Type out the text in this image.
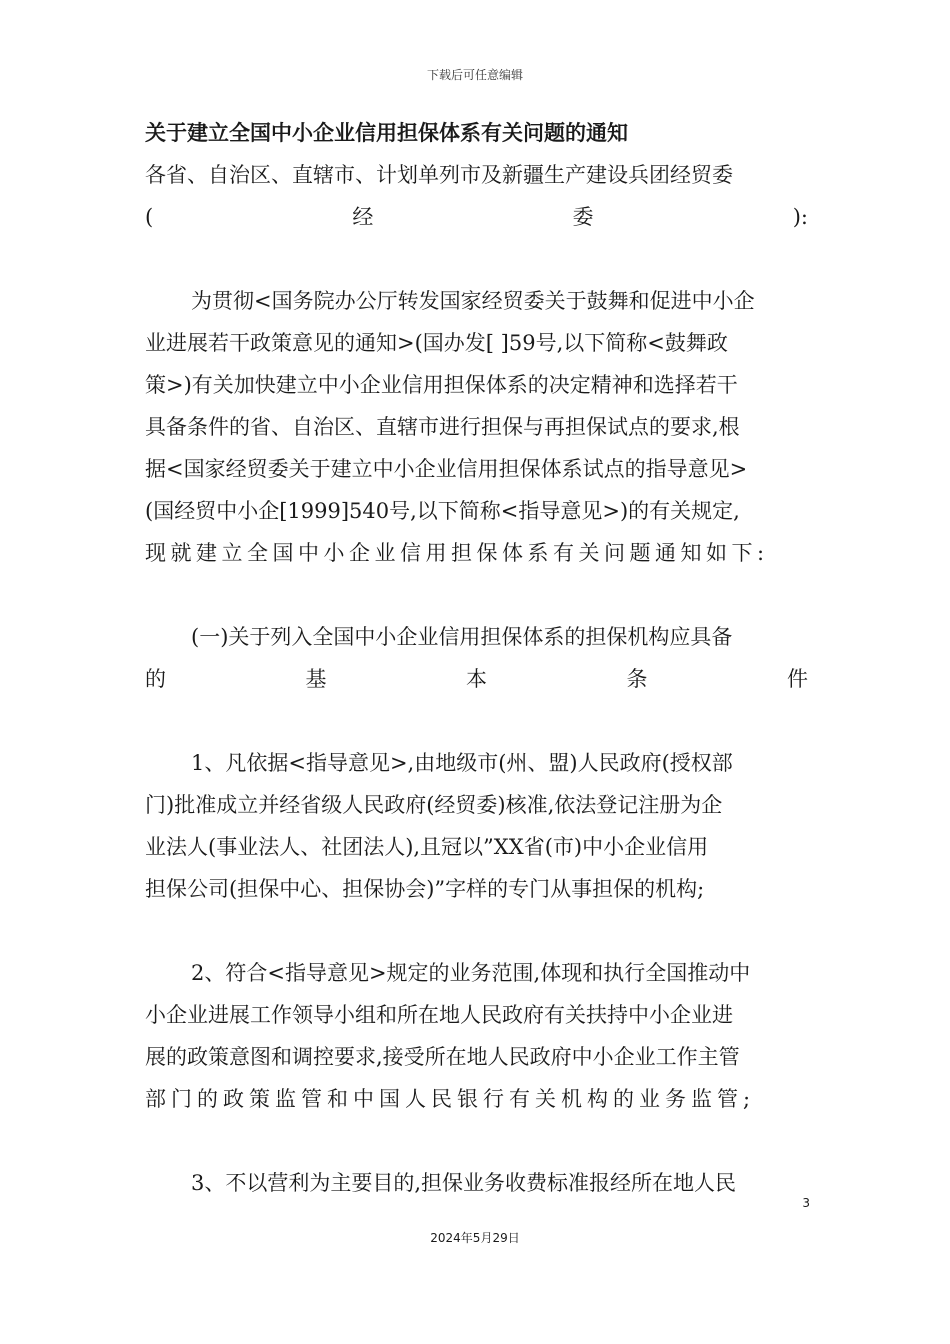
下载后可任意编辑
关于建立全国中小企业信用担保体系有关问题的通知

各省、自治区、直辖市、计划单列市及新疆生产建设兵团经贸委

(	经	委	):

为贯彻<国务院办公厅转发国家经贸委关于鼓舞和促进中小企
业进展若干政策意见的通知>(国办发[ ]59号,以下简称<鼓舞政
策>)有关加快建立中小企业信用担保体系的决定精神和选择若干
具备条件的省、自治区、直辖市进行担保与再担保试点的要求,根
据<国家经贸委关于建立中小企业信用担保体系试点的指导意见>
(国经贸中小企[1999]540号,以下简称<指导意见>)的有关规定,
现就建立全国中小企业信用担保体系有关问题通知如下:

(一)关于列入全国中小企业信用担保体系的担保机构应具备

的	基	本	条	件

1、凡依据<指导意见>,由地级市(州、盟)人民政府(授权部
门)批准成立并经省级人民政府(经贸委)核准,依法登记注册为企
业法人(事业法人、社团法人),且冠以”XX省(市)中小企业信用
担保公司(担保中心、担保协会)”字样的专门从事担保的机构;

2、符合<指导意见>规定的业务范围,体现和执行全国推动中
小企业进展工作领导小组和所在地人民政府有关扶持中小企业进
展的政策意图和调控要求,接受所在地人民政府中小企业工作主管
部门的政策监管和中国人民银行有关机构的业务监管;

3、不以营利为主要目的,担保业务收费标准报经所在地人民

3
2024年5月29日
